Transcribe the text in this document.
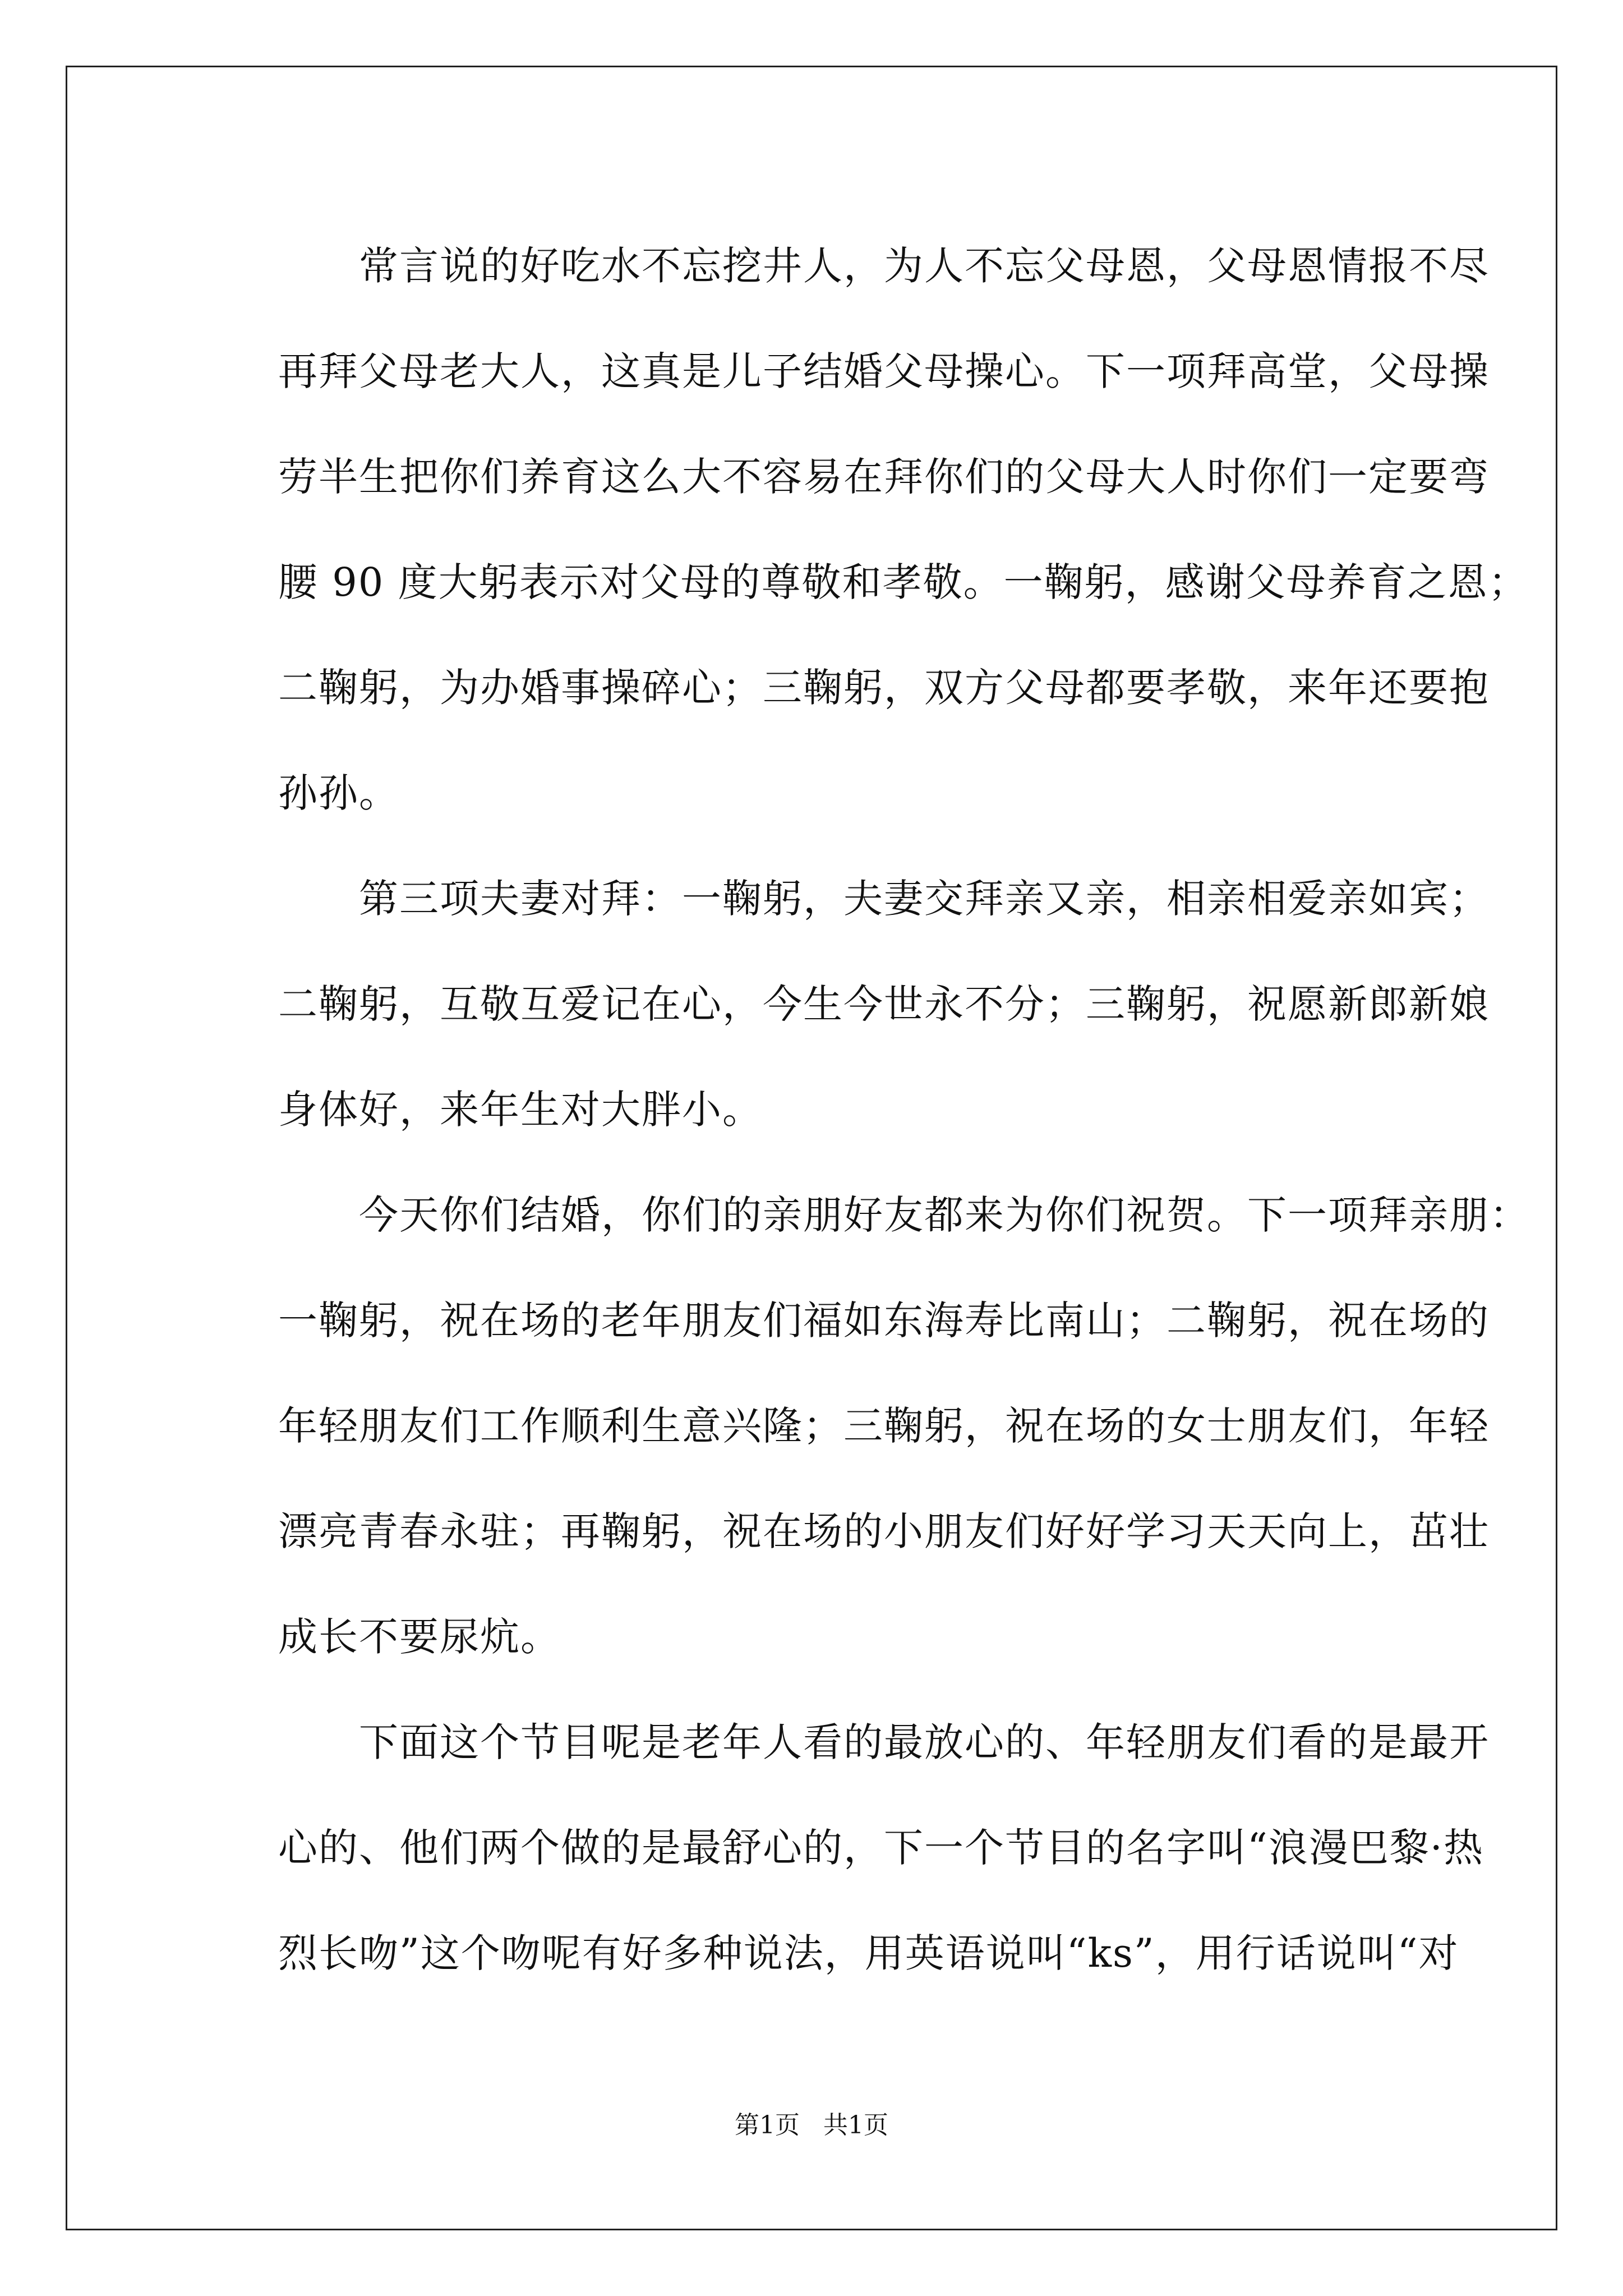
　　常言说的好吃水不忘挖井人，为人不忘父母恩，父母恩情报不尽
再拜父母老大人，这真是儿子结婚父母操心。下一项拜高堂，父母操
劳半生把你们养育这么大不容易在拜你们的父母大人时你们一定要弯
腰 90 度大躬表示对父母的尊敬和孝敬。一鞠躬，感谢父母养育之恩；
二鞠躬，为办婚事操碎心；三鞠躬，双方父母都要孝敬，来年还要抱
孙孙。
　　第三项夫妻对拜：一鞠躬，夫妻交拜亲又亲，相亲相爱亲如宾；
二鞠躬，互敬互爱记在心，今生今世永不分；三鞠躬，祝愿新郎新娘
身体好，来年生对大胖小。
　　今天你们结婚，你们的亲朋好友都来为你们祝贺。下一项拜亲朋：
一鞠躬，祝在场的老年朋友们福如东海寿比南山；二鞠躬，祝在场的
年轻朋友们工作顺利生意兴隆；三鞠躬，祝在场的女士朋友们，年轻
漂亮青春永驻；再鞠躬，祝在场的小朋友们好好学习天天向上，茁壮
成长不要尿炕。
　　下面这个节目呢是老年人看的最放心的、年轻朋友们看的是最开
心的、他们两个做的是最舒心的，下一个节目的名字叫“浪漫巴黎·热
烈长吻”这个吻呢有好多种说法，用英语说叫“ks”，用行话说叫“对
第1页 共1页
